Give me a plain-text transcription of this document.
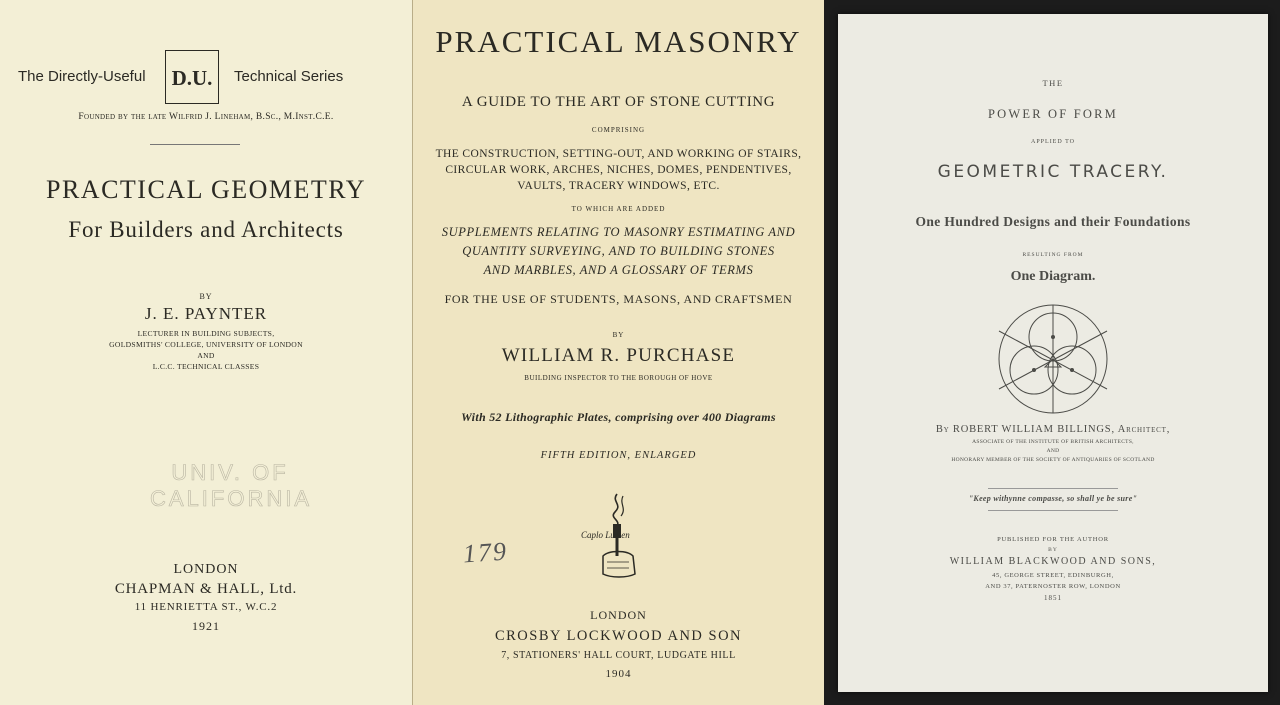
The Directly-Useful	D.U.	Technical Series

Founded by the late Wilfrid J. Lineham, B.Sc., M.Inst.C.E.

PRACTICAL GEOMETRY

For Builders and Architects

BY

J. E. PAYNTER

LECTURER IN BUILDING SUBJECTS,
GOLDSMITHS' COLLEGE, UNIVERSITY OF LONDON
AND
L.C.C. TECHNICAL CLASSES

UNIV. OF
CALIFORNIA

LONDON

CHAPMAN & HALL, Ltd.

11 HENRIETTA ST., W.C.2

1921

PRACTICAL MASONRY

A GUIDE TO THE ART OF STONE CUTTING

COMPRISING

THE CONSTRUCTION, SETTING-OUT, AND WORKING OF STAIRS,
CIRCULAR WORK, ARCHES, NICHES, DOMES, PENDENTIVES,
VAULTS, TRACERY WINDOWS, ETC.

TO WHICH ARE ADDED

SUPPLEMENTS RELATING TO MASONRY ESTIMATING AND
QUANTITY SURVEYING, AND TO BUILDING STONES
AND MARBLES, AND A GLOSSARY OF TERMS

FOR THE USE OF STUDENTS, MASONS, AND CRAFTSMEN

BY

WILLIAM R. PURCHASE

BUILDING INSPECTOR TO THE BOROUGH OF HOVE

With 52 Lithographic Plates, comprising over 400 Diagrams

FIFTH EDITION, ENLARGED

179
Caplo Lumen

LONDON

CROSBY LOCKWOOD AND SON

7, STATIONERS' HALL COURT, LUDGATE HILL

1904

THE

POWER OF FORM

APPLIED TO

GEOMETRIC TRACERY.

One Hundred Designs and their Foundations

RESULTING FROM

One Diagram.

By ROBERT WILLIAM BILLINGS, Architect,

ASSOCIATE OF THE INSTITUTE OF BRITISH ARCHITECTS,
AND
HONORARY MEMBER OF THE SOCIETY OF ANTIQUARIES OF SCOTLAND

"Keep withynne compasse, so shall ye be sure"

PUBLISHED FOR THE AUTHOR

BY

WILLIAM BLACKWOOD AND SONS,

45, GEORGE STREET, EDINBURGH,
AND 37, PATERNOSTER ROW, LONDON

1851
